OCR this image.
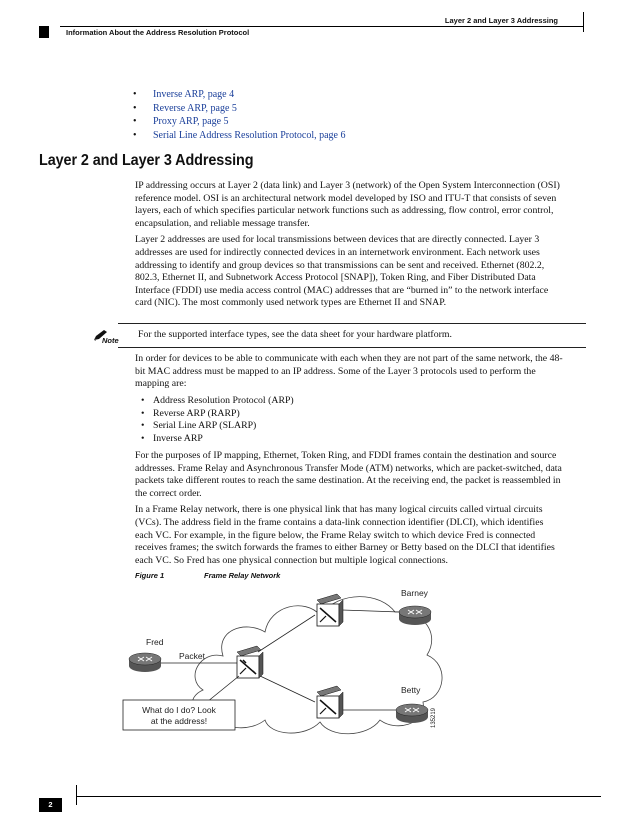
Layer 2 and Layer 3 Addressing
Information About the Address Resolution Protocol
• Inverse ARP, page 4
• Reverse ARP, page 5
• Proxy ARP, page 5
• Serial Line Address Resolution Protocol, page 6
Layer 2 and Layer 3 Addressing

IP addressing occurs at Layer 2 (data link) and Layer 3 (network) of the Open System Interconnection (OSI) reference model. OSI is an architectural network model developed by ISO and ITU-T that consists of seven layers, each of which specifies particular network functions such as addressing, flow control, error control, encapsulation, and reliable message transfer.

Layer 2 addresses are used for local transmissions between devices that are directly connected. Layer 3 addresses are used for indirectly connected devices in an internetwork environment. Each network uses addressing to identify and group devices so that transmissions can be sent and received. Ethernet (802.2, 802.3, Ethernet II, and Subnetwork Access Protocol [SNAP]), Token Ring, and Fiber Distributed Data Interface (FDDI) use media access control (MAC) addresses that are “burned in” to the network interface card (NIC). The most commonly used network types are Ethernet II and SNAP.

Note
For the supported interface types, see the data sheet for your hardware platform.

In order for devices to be able to communicate with each when they are not part of the same network, the 48-bit MAC address must be mapped to an IP address. Some of the Layer 3 protocols used to perform the mapping are:

• Address Resolution Protocol (ARP)
• Reverse ARP (RARP)
• Serial Line ARP (SLARP)
• Inverse ARP

For the purposes of IP mapping, Ethernet, Token Ring, and FDDI frames contain the destination and source addresses. Frame Relay and Asynchronous Transfer Mode (ATM) networks, which are packet-switched, data packets take different routes to reach the same destination. At the receiving end, the packet is reassembled in the correct order.

In a Frame Relay network, there is one physical link that has many logical circuits called virtual circuits (VCs). The address field in the frame contains a data-link connection identifier (DLCI), which identifies each VC. For example, in the figure below, the Frame Relay switch to which device Fred is connected receives frames; the switch forwards the frames to either Barney or Betty based on the DLCI that identifies each VC. So Fred has one physical connection but multiple logical connections.

Figure 1	Frame Relay Network
Barney
Fred
Packet
Betty
What do I do? Look
at the address!	135219
2
